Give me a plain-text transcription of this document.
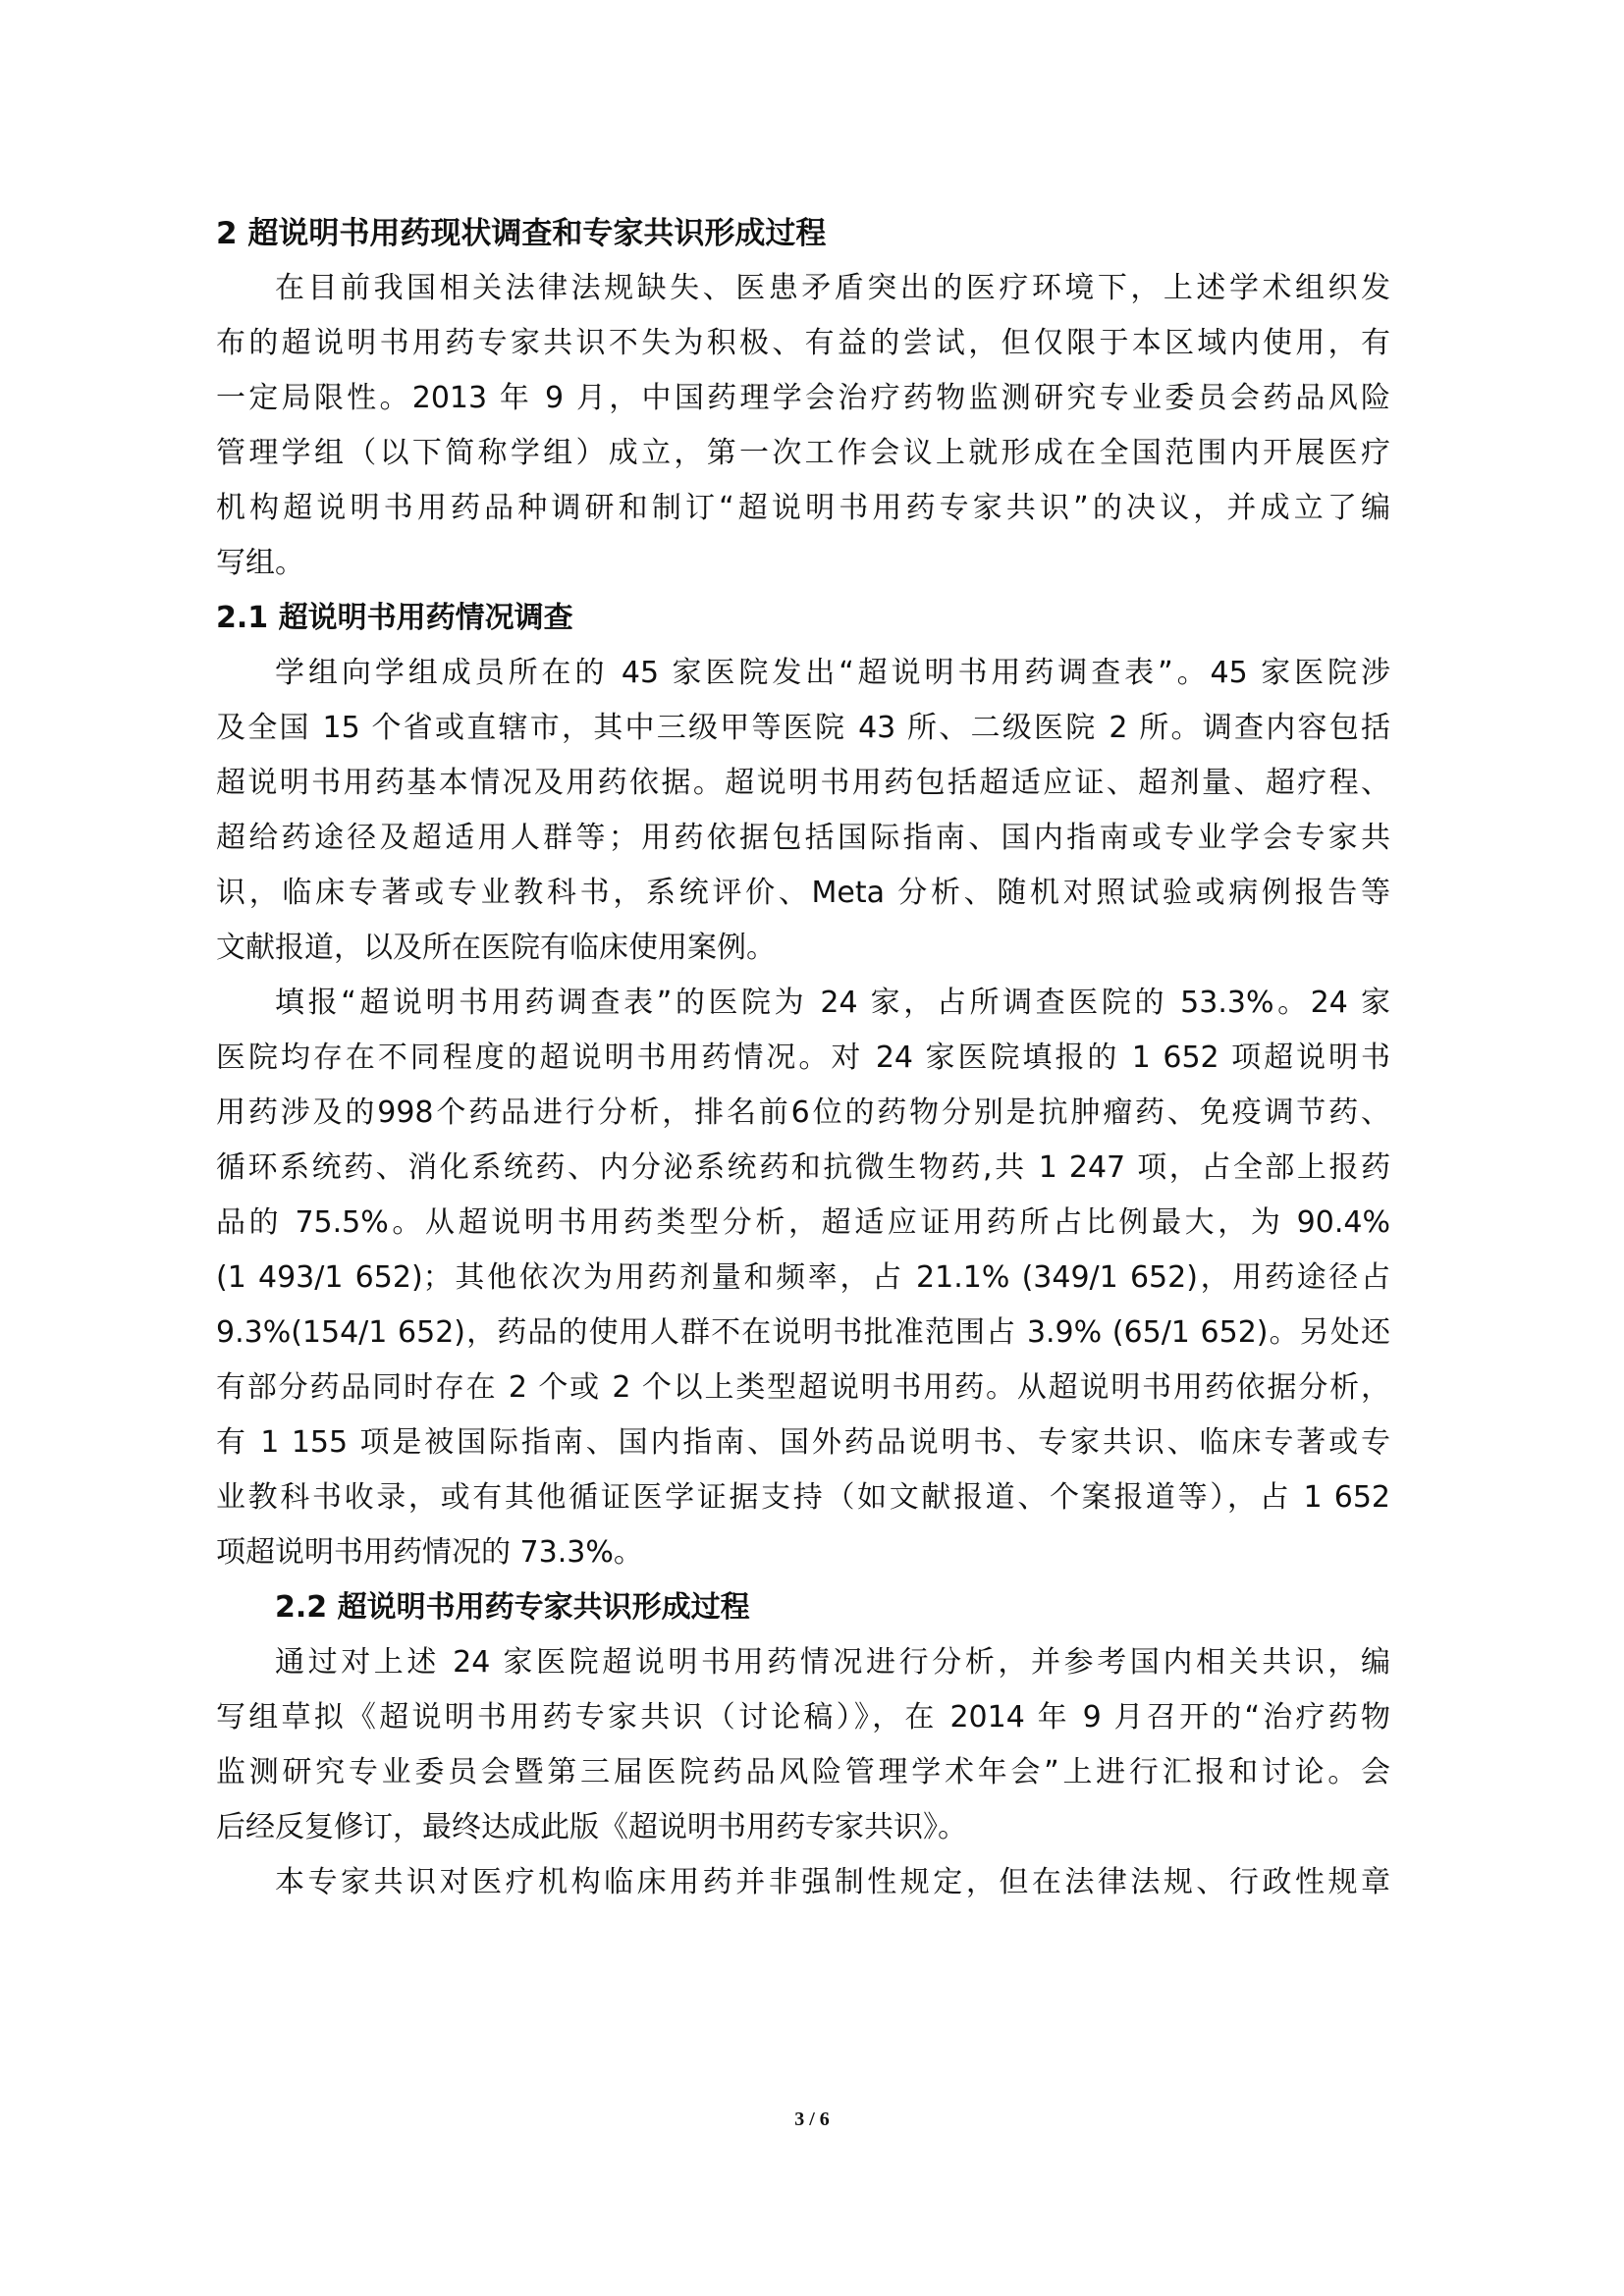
2 超说明书用药现状调查和专家共识形成过程
在目前我国相关法律法规缺失、医患矛盾突出的医疗环境下，上述学术组织发
布的超说明书用药专家共识不失为积极、有益的尝试，但仅限于本区域内使用，有
一定局限性。2013 年 9 月，中国药理学会治疗药物监测研究专业委员会药品风险
管理学组（以下简称学组）成立，第一次工作会议上就形成在全国范围内开展医疗
机构超说明书用药品种调研和制订“超说明书用药专家共识”的决议，并成立了编
写组。
2.1 超说明书用药情况调查
学组向学组成员所在的 45 家医院发出“超说明书用药调查表”。45 家医院涉
及全国 15 个省或直辖市，其中三级甲等医院 43 所、二级医院 2 所。调查内容包括
超说明书用药基本情况及用药依据。超说明书用药包括超适应证、超剂量、超疗程、
超给药途径及超适用人群等；用药依据包括国际指南、国内指南或专业学会专家共
识，临床专著或专业教科书，系统评价、Meta 分析、随机对照试验或病例报告等
文献报道，以及所在医院有临床使用案例。
填报“超说明书用药调查表”的医院为 24 家，占所调查医院的 53.3%。24 家
医院均存在不同程度的超说明书用药情况。对 24 家医院填报的 1 652 项超说明书
用药涉及的998个药品进行分析，排名前6位的药物分别是抗肿瘤药、免疫调节药、
循环系统药、消化系统药、内分泌系统药和抗微生物药,共 1 247 项，占全部上报药
品的 75.5%。从超说明书用药类型分析，超适应证用药所占比例最大，为 90.4%
(1 493/1 652)；其他依次为用药剂量和频率，占 21.1% (349/1 652)，用药途径占
9.3%(154/1 652)，药品的使用人群不在说明书批准范围占 3.9% (65/1 652)。另处还
有部分药品同时存在 2 个或 2 个以上类型超说明书用药。从超说明书用药依据分析，
有 1 155 项是被国际指南、国内指南、国外药品说明书、专家共识、临床专著或专
业教科书收录，或有其他循证医学证据支持（如文献报道、个案报道等），占 1 652
项超说明书用药情况的 73.3%。
2.2 超说明书用药专家共识形成过程
通过对上述 24 家医院超说明书用药情况进行分析，并参考国内相关共识，编
写组草拟《超说明书用药专家共识（讨论稿）》，在 2014 年 9 月召开的“治疗药物
监测研究专业委员会暨第三届医院药品风险管理学术年会”上进行汇报和讨论。会
后经反复修订，最终达成此版《超说明书用药专家共识》。
本专家共识对医疗机构临床用药并非强制性规定，但在法律法规、行政性规章
3 / 6
